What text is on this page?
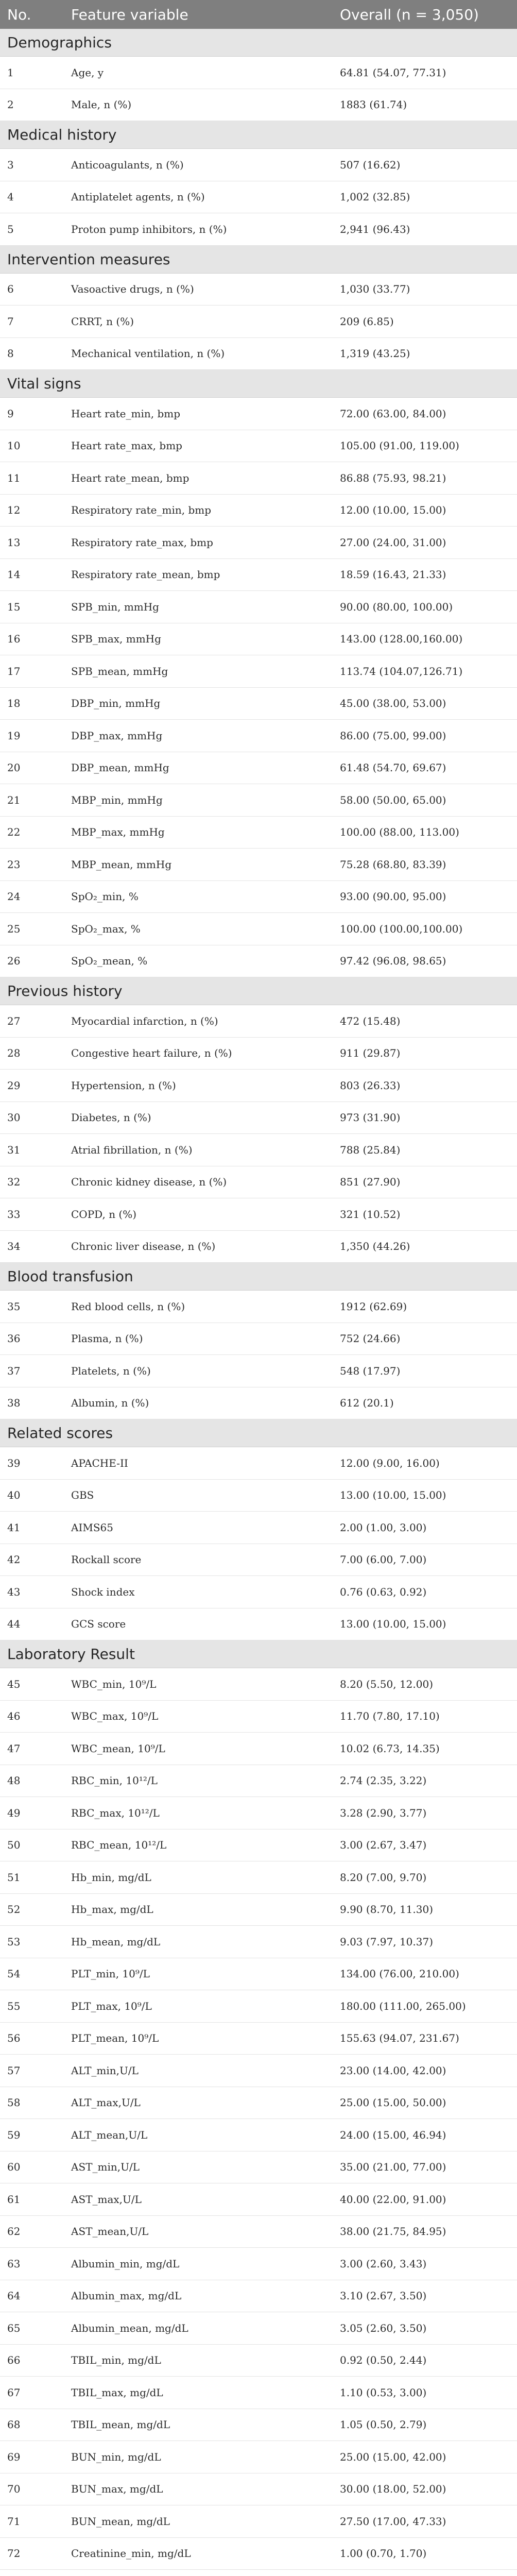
No.	Feature variable	Overall (n = 3,050)
Demographics
1	Age, y	64.81 (54.07, 77.31)
2	Male, n (%)	1883 (61.74)
Medical history
3	Anticoagulants, n (%)	507 (16.62)
4	Antiplatelet agents, n (%)	1,002 (32.85)
5	Proton pump inhibitors, n (%)	2,941 (96.43)
Intervention measures
6	Vasoactive drugs, n (%)	1,030 (33.77)
7	CRRT, n (%)	209 (6.85)
8	Mechanical ventilation, n (%)	1,319 (43.25)
Vital signs
9	Heart rate_min, bmp	72.00 (63.00, 84.00)
10	Heart rate_max, bmp	105.00 (91.00, 119.00)
11	Heart rate_mean, bmp	86.88 (75.93, 98.21)
12	Respiratory rate_min, bmp	12.00 (10.00, 15.00)
13	Respiratory rate_max, bmp	27.00 (24.00, 31.00)
14	Respiratory rate_mean, bmp	18.59 (16.43, 21.33)
15	SPB_min, mmHg	90.00 (80.00, 100.00)
16	SPB_max, mmHg	143.00 (128.00,160.00)
17	SPB_mean, mmHg	113.74 (104.07,126.71)
18	DBP_min, mmHg	45.00 (38.00, 53.00)
19	DBP_max, mmHg	86.00 (75.00, 99.00)
20	DBP_mean, mmHg	61.48 (54.70, 69.67)
21	MBP_min, mmHg	58.00 (50.00, 65.00)
22	MBP_max, mmHg	100.00 (88.00, 113.00)
23	MBP_mean, mmHg	75.28 (68.80, 83.39)
24	SpO₂_min, %	93.00 (90.00, 95.00)
25	SpO₂_max, %	100.00 (100.00,100.00)
26	SpO₂_mean, %	97.42 (96.08, 98.65)
Previous history
27	Myocardial infarction, n (%)	472 (15.48)
28	Congestive heart failure, n (%)	911 (29.87)
29	Hypertension, n (%)	803 (26.33)
30	Diabetes, n (%)	973 (31.90)
31	Atrial fibrillation, n (%)	788 (25.84)
32	Chronic kidney disease, n (%)	851 (27.90)
33	COPD, n (%)	321 (10.52)
34	Chronic liver disease, n (%)	1,350 (44.26)
Blood transfusion
35	Red blood cells, n (%)	1912 (62.69)
36	Plasma, n (%)	752 (24.66)
37	Platelets, n (%)	548 (17.97)
38	Albumin, n (%)	612 (20.1)
Related scores
39	APACHE-II	12.00 (9.00, 16.00)
40	GBS	13.00 (10.00, 15.00)
41	AIMS65	2.00 (1.00, 3.00)
42	Rockall score	7.00 (6.00, 7.00)
43	Shock index	0.76 (0.63, 0.92)
44	GCS score	13.00 (10.00, 15.00)
Laboratory Result
45	WBC_min, 10⁹/L	8.20 (5.50, 12.00)
46	WBC_max, 10⁹/L	11.70 (7.80, 17.10)
47	WBC_mean, 10⁹/L	10.02 (6.73, 14.35)
48	RBC_min, 10¹²/L	2.74 (2.35, 3.22)
49	RBC_max, 10¹²/L	3.28 (2.90, 3.77)
50	RBC_mean, 10¹²/L	3.00 (2.67, 3.47)
51	Hb_min, mg/dL	8.20 (7.00, 9.70)
52	Hb_max, mg/dL	9.90 (8.70, 11.30)
53	Hb_mean, mg/dL	9.03 (7.97, 10.37)
54	PLT_min, 10⁹/L	134.00 (76.00, 210.00)
55	PLT_max, 10⁹/L	180.00 (111.00, 265.00)
56	PLT_mean, 10⁹/L	155.63 (94.07, 231.67)
57	ALT_min,U/L	23.00 (14.00, 42.00)
58	ALT_max,U/L	25.00 (15.00, 50.00)
59	ALT_mean,U/L	24.00 (15.00, 46.94)
60	AST_min,U/L	35.00 (21.00, 77.00)
61	AST_max,U/L	40.00 (22.00, 91.00)
62	AST_mean,U/L	38.00 (21.75, 84.95)
63	Albumin_min, mg/dL	3.00 (2.60, 3.43)
64	Albumin_max, mg/dL	3.10 (2.67, 3.50)
65	Albumin_mean, mg/dL	3.05 (2.60, 3.50)
66	TBIL_min, mg/dL	0.92 (0.50, 2.44)
67	TBIL_max, mg/dL	1.10 (0.53, 3.00)
68	TBIL_mean, mg/dL	1.05 (0.50, 2.79)
69	BUN_min, mg/dL	25.00 (15.00, 42.00)
70	BUN_max, mg/dL	30.00 (18.00, 52.00)
71	BUN_mean, mg/dL	27.50 (17.00, 47.33)
72	Creatinine_min, mg/dL	1.00 (0.70, 1.70)
